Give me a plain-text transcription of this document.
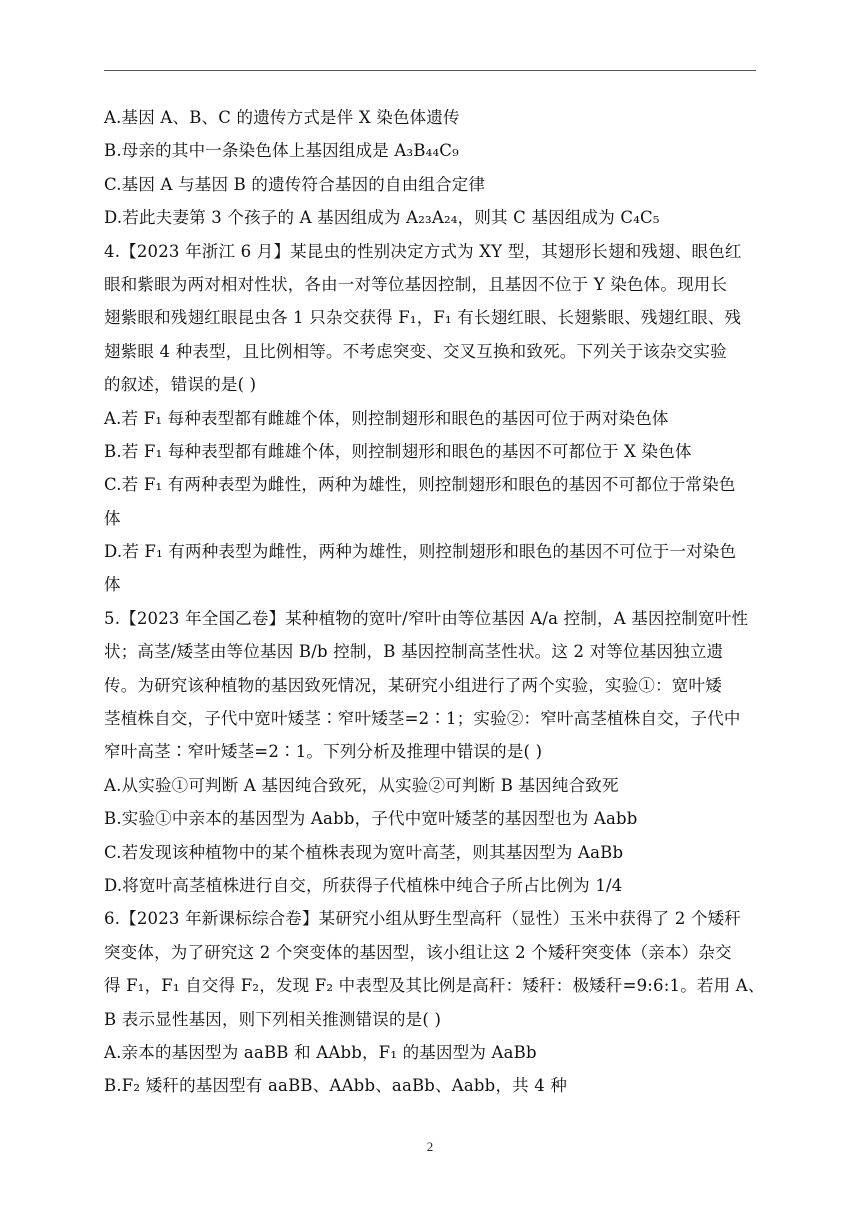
A.基因 A、B、C 的遗传方式是伴 X 染色体遗传
B.母亲的其中一条染色体上基因组成是 A₃B₄₄C₉
C.基因 A 与基因 B 的遗传符合基因的自由组合定律
D.若此夫妻第 3 个孩子的 A 基因组成为 A₂₃A₂₄，则其 C 基因组成为 C₄C₅
4.【2023 年浙江 6 月】某昆虫的性别决定方式为 XY 型，其翅形长翅和残翅、眼色红
眼和紫眼为两对相对性状，各由一对等位基因控制，且基因不位于 Y 染色体。现用长
翅紫眼和残翅红眼昆虫各 1 只杂交获得 F₁，F₁ 有长翅红眼、长翅紫眼、残翅红眼、残
翅紫眼 4 种表型，且比例相等。不考虑突变、交叉互换和致死。下列关于该杂交实验
的叙述，错误的是( )
A.若 F₁ 每种表型都有雌雄个体，则控制翅形和眼色的基因可位于两对染色体
B.若 F₁ 每种表型都有雌雄个体，则控制翅形和眼色的基因不可都位于 X 染色体
C.若 F₁ 有两种表型为雌性，两种为雄性，则控制翅形和眼色的基因不可都位于常染色
体
D.若 F₁ 有两种表型为雌性，两种为雄性，则控制翅形和眼色的基因不可位于一对染色
体
5.【2023 年全国乙卷】某种植物的宽叶/窄叶由等位基因 A/a 控制，A 基因控制宽叶性
状；高茎/矮茎由等位基因 B/b 控制，B 基因控制高茎性状。这 2 对等位基因独立遗
传。为研究该种植物的基因致死情况，某研究小组进行了两个实验，实验①：宽叶矮
茎植株自交，子代中宽叶矮茎∶窄叶矮茎=2∶1；实验②：窄叶高茎植株自交，子代中
窄叶高茎∶窄叶矮茎=2∶1。下列分析及推理中错误的是( )
A.从实验①可判断 A 基因纯合致死，从实验②可判断 B 基因纯合致死
B.实验①中亲本的基因型为 Aabb，子代中宽叶矮茎的基因型也为 Aabb
C.若发现该种植物中的某个植株表现为宽叶高茎，则其基因型为 AaBb
D.将宽叶高茎植株进行自交，所获得子代植株中纯合子所占比例为 1/4
6.【2023 年新课标综合卷】某研究小组从野生型高秆（显性）玉米中获得了 2 个矮秆
突变体，为了研究这 2 个突变体的基因型，该小组让这 2 个矮秆突变体（亲本）杂交
得 F₁，F₁ 自交得 F₂，发现 F₂ 中表型及其比例是高秆：矮秆：极矮秆=9:6:1。若用 A、
B 表示显性基因，则下列相关推测错误的是( )
A.亲本的基因型为 aaBB 和 AAbb，F₁ 的基因型为 AaBb
B.F₂ 矮秆的基因型有 aaBB、AAbb、aaBb、Aabb，共 4 种
2
